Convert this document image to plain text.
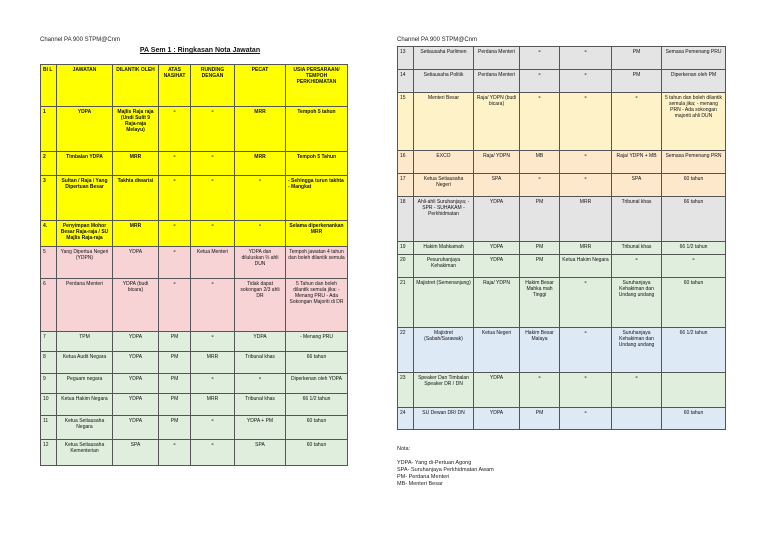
Channel PA 900 STPM@Cnm	Channel PA 900 STPM@Cnm
PA Sem 1 : Ringkasan Nota Jawatan
BI L	JAWATAN	DILANTIK OLEH	ATAS NASIHAT	RUNDING DENGAN	PECAT	USIA PERSARAAN/ TEMPOH PERKHIDMATAN
1	YDPA	Majlis Raja raja (Undi Sulit 9 Raja-raja Melayu)	-	-	MRR	Tempoh 5 tahun
2	Timbalan YDPA	MRR	-	-	MRR	Tempoh 5 Tahun
3	Sultan / Raja / Yang Dipertuan Besar	Takhta diwarisi	-	-	-	- Sehingga turun takhta - Mangkat
4.	Penyimpan Mohor Besar Raja-raja / SU Majlis Raja-raja	MRR	-	-	-	Selama diperkenankan MRR
5	Yang Dipertua Negeri (YDPN)	YDPA	-	Ketua Menteri	YDPA dan diluluskan ⅔ ahli DUN	Tempoh jawatan 4 tahun dan boleh dilantik semula
6	Perdana Menteri	YDPA (budi bicara)	-	-	Tidak dapat sokongan 2/3 ahli DR	5 Tahun dan boleh dilantik semula jika: - Menang PRU - Ada Sokongan Majoriti di DR
7	TPM	YDPA	PM	-	YDPA	- Menang PRU
8	Ketua Audit Negara	YDPA	PM	MRR	Tribunal khas	66 tahun
9	Peguam negara	YDPA	PM	-	-	Diperkenan oleh YDPA
10	Ketua Hakim Negara	YDPA	PM	MRR	Tribunal khas	66 1/2 tahun
11	Ketua Setiausaha Negara	YDPA	PM	-	YDPA + PM	60 tahun
12	Ketua Setiausaha Kementerian	SPA	-	-	SPA	60 tahun
13	Setiausaha Parlimen	Perdana Menteri	-	-	PM	Semasa Pemenang PRU
14	Setiausaha Politik	Perdana Menteri	-	-	PM	Diperkenan oleh PM
15	Menteri Besar	Raja/ YDPN (budi bicara)	-	-	-	5 tahun dan boleh dilantik semula jika; - menang PRN - Ada sokongan majoriti ahli DUN
16	EXCO	Raja/ YDPN	MB	-	Raja/ YDPN + MB	Semasa Pemenang PRN
17	Ketua Setiausaha Negeri	SPA	-	-	SPA	60 tahun
18	Ahli-ahli Suruhanjaya; - SPR - SUHAKAM - Perkhidmatan	YDPA	PM	MRR	Tribunal khas	66 tahun
19	Hakim Mahkamah	YDPA	PM	MRR	Tribunal khas	66 1/2 tahun
20	Pesuruhanjaya Kehakiman	YDPA	PM	Ketua Hakim Negara	-	-
21	Majistret (Semenanjung)	Raja/ YDPN	Hakim Besar Mahka mah Tinggi	-	Suruhanjaya Kehakiman dan Undang undang	60 tahun
22	Majistret (Sabah/Sarawak)	Ketua Negeri	Hakim Besar Malaya	-	Suruhanjaya Kehakiman dan Undang undang	66 1/2 tahun
23	Speaker Dan Timbalan Speaker DR / DN	YDPA	-	-	-	
24	SU Dewan DR/ DN	YDPA	PM	-		60 tahun
Nota:
YDPA- Yang di-Pertuan Agong
SPA- Suruhanjaya Perkhidmatan Awam
PM- Perdana Menteri
MB- Menteri Besar
